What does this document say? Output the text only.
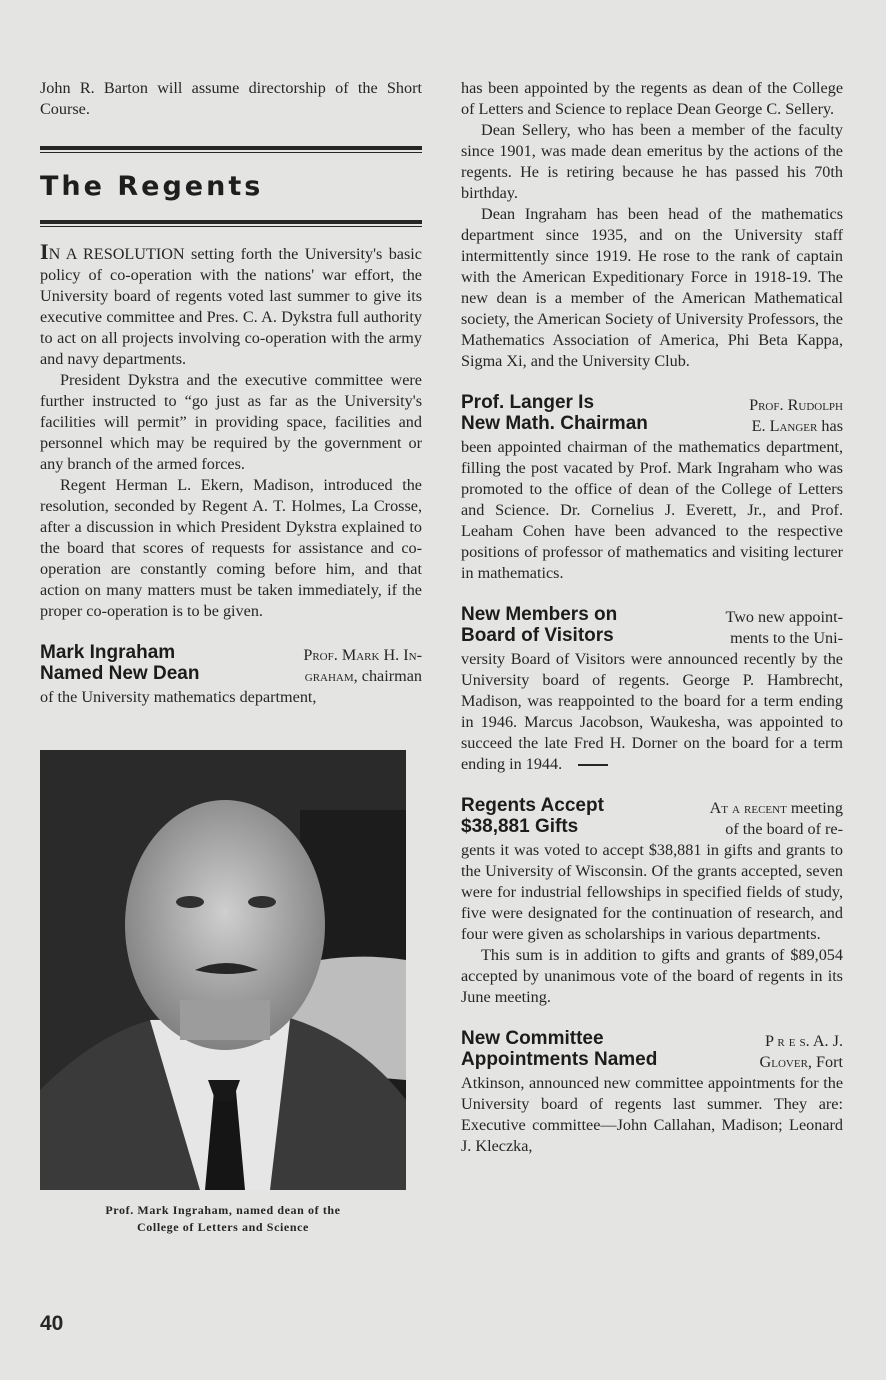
John R. Barton will assume directorship of the Short Course.

The Regents

IN A RESOLUTION setting forth the University's basic policy of co-operation with the nations' war effort, the University board of regents voted last summer to give its executive committee and Pres. C. A. Dykstra full authority to act on all projects involving co-operation with the army and navy departments.

President Dykstra and the executive committee were further instructed to “go just as far as the University's facilities will permit” in providing space, facilities and personnel which may be required by the government or any branch of the armed forces.

Regent Herman L. Ekern, Madison, introduced the resolution, seconded by Regent A. T. Holmes, La Crosse, after a discussion in which President Dykstra explained to the board that scores of requests for assistance and co-operation are constantly coming before him, and that action on many matters must be taken immediately, if the proper co-operation is to be given.

Mark Ingraham
Named New Dean
Prof. Mark H. In-
graham, chairman

of the University mathematics department,

Prof. Mark Ingraham, named dean of the
College of Letters and Science

has been appointed by the regents as dean of the College of Letters and Science to replace Dean George C. Sellery.

Dean Sellery, who has been a member of the faculty since 1901, was made dean emeritus by the actions of the regents. He is retiring because he has passed his 70th birthday.

Dean Ingraham has been head of the mathematics department since 1935, and on the University staff intermittently since 1919. He rose to the rank of captain with the American Expeditionary Force in 1918-19. The new dean is a member of the American Mathematical society, the American Society of University Professors, the Mathematics Association of America, Phi Beta Kappa, Sigma Xi, and the University Club.

Prof. Langer Is
New Math. Chairman
Prof. Rudolph
E. Langer has

been appointed chairman of the mathematics department, filling the post vacated by Prof. Mark Ingraham who was promoted to the office of dean of the College of Letters and Science. Dr. Cornelius J. Everett, Jr., and Prof. Leaham Cohen have been advanced to the respective positions of professor of mathematics and visiting lecturer in mathematics.

New Members on
Board of Visitors
Two new appoint-
ments to the Uni-

versity Board of Visitors were announced recently by the University board of regents. George P. Hambrecht, Madison, was reappointed to the board for a term ending in 1946. Marcus Jacobson, Waukesha, was appointed to succeed the late Fred H. Dorner on the board for a term ending in 1944.

Regents Accept
$38,881 Gifts
At a recent meeting
of the board of re-

gents it was voted to accept $38,881 in gifts and grants to the University of Wisconsin. Of the grants accepted, seven were for industrial fellowships in specified fields of study, five were designated for the continuation of research, and four were given as scholarships in various departments.

This sum is in addition to gifts and grants of $89,054 accepted by unanimous vote of the board of regents in its June meeting.

New Committee
Appointments Named
P r e s. A. J.
Glover, Fort

Atkinson, announced new committee appointments for the University board of regents last summer. They are: Executive committee—John Callahan, Madison; Leonard J. Kleczka,

40
